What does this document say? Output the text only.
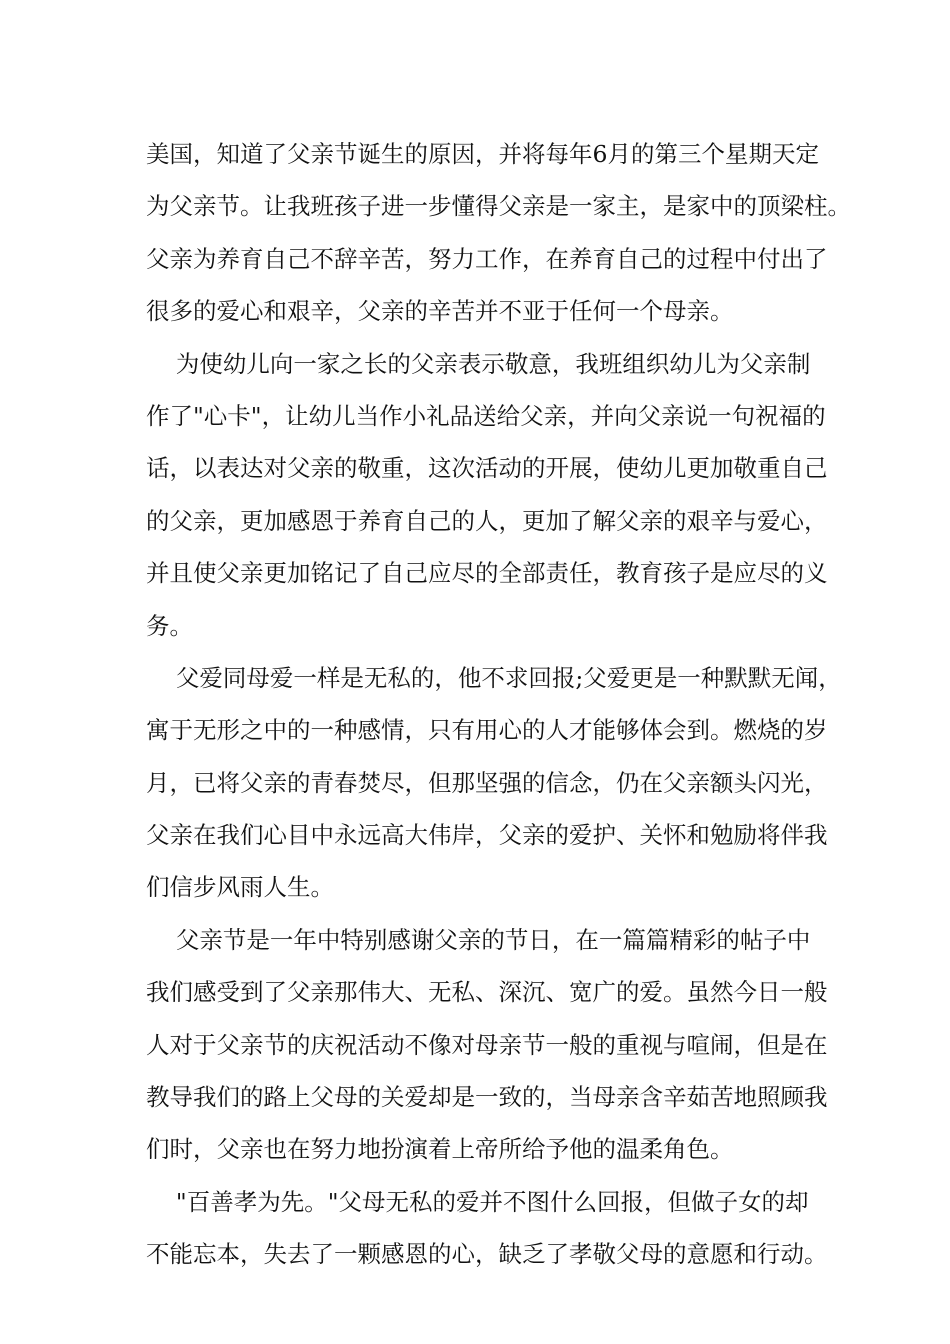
美国，知道了父亲节诞生的原因，并将每年6月的第三个星期天定
为父亲节。让我班孩子进一步懂得父亲是一家主，是家中的顶梁柱。
父亲为养育自己不辞辛苦，努力工作，在养育自己的过程中付出了
很多的爱心和艰辛，父亲的辛苦并不亚于任何一个母亲。
为使幼儿向一家之长的父亲表示敬意，我班组织幼儿为父亲制
作了"心卡"，让幼儿当作小礼品送给父亲，并向父亲说一句祝福的
话，以表达对父亲的敬重，这次活动的开展，使幼儿更加敬重自己
的父亲，更加感恩于养育自己的人，更加了解父亲的艰辛与爱心，
并且使父亲更加铭记了自己应尽的全部责任，教育孩子是应尽的义
务。
父爱同母爱一样是无私的，他不求回报;父爱更是一种默默无闻，
寓于无形之中的一种感情，只有用心的人才能够体会到。燃烧的岁
月，已将父亲的青春焚尽，但那坚强的信念，仍在父亲额头闪光，
父亲在我们心目中永远高大伟岸，父亲的爱护、关怀和勉励将伴我
们信步风雨人生。
父亲节是一年中特别感谢父亲的节日，在一篇篇精彩的帖子中
我们感受到了父亲那伟大、无私、深沉、宽广的爱。虽然今日一般
人对于父亲节的庆祝活动不像对母亲节一般的重视与喧闹，但是在
教导我们的路上父母的关爱却是一致的，当母亲含辛茹苦地照顾我
们时，父亲也在努力地扮演着上帝所给予他的温柔角色。
"百善孝为先。"父母无私的爱并不图什么回报，但做子女的却
不能忘本，失去了一颗感恩的心，缺乏了孝敬父母的意愿和行动。
